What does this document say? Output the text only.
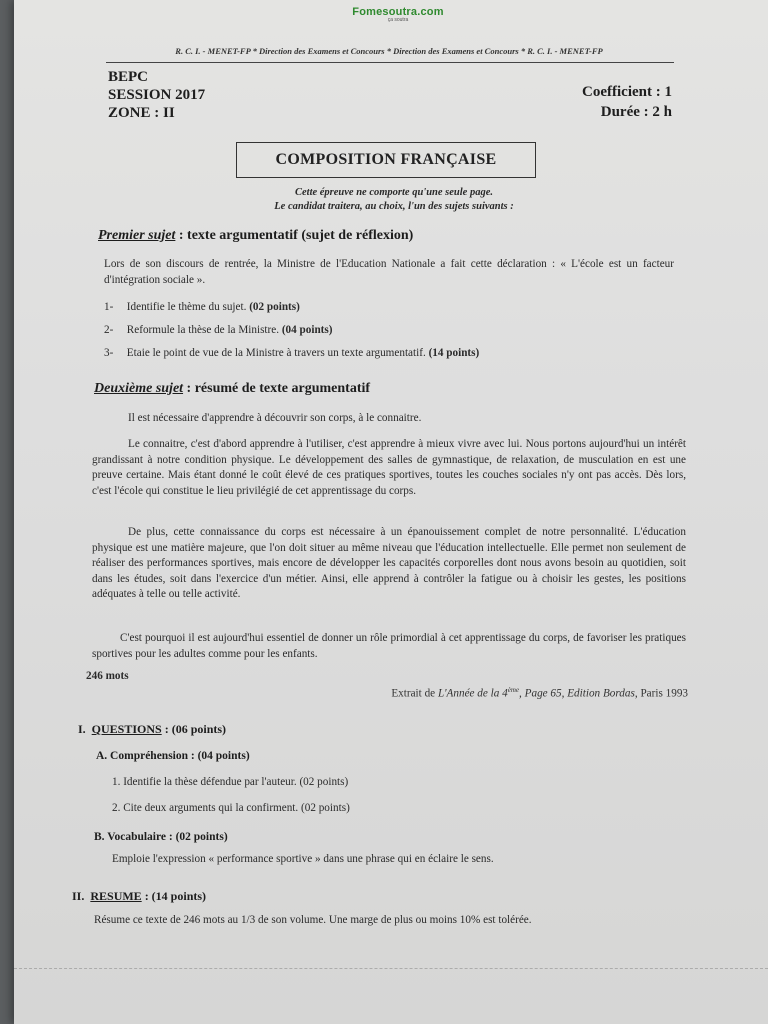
Fomesoutra.com
ça soutra
R. C. I. - MENET-FP * Direction des Examens et Concours * Direction des Examens et Concours * R. C. I. - MENET-FP
BEPC
SESSION 2017
ZONE : II
Coefficient : 1
Durée : 2 h
COMPOSITION FRANÇAISE
Cette épreuve ne comporte qu'une seule page.
Le candidat traitera, au choix, l'un des sujets suivants :
Premier sujet : texte argumentatif (sujet de réflexion)
Lors de son discours de rentrée, la Ministre de l'Education Nationale a fait cette déclaration : « L'école est un facteur d'intégration sociale ».
1- Identifie le thème du sujet. (02 points)
2- Reformule la thèse de la Ministre. (04 points)
3- Etaie le point de vue de la Ministre à travers un texte argumentatif. (14 points)
Deuxième sujet : résumé de texte argumentatif
Il est nécessaire d'apprendre à découvrir son corps, à le connaitre.
Le connaitre, c'est d'abord apprendre à l'utiliser, c'est apprendre à mieux vivre avec lui. Nous portons aujourd'hui un intérêt grandissant à notre condition physique. Le développement des salles de gymnastique, de relaxation, de musculation en est une preuve certaine. Mais étant donné le coût élevé de ces pratiques sportives, toutes les couches sociales n'y ont pas accès. Dès lors, c'est l'école qui constitue le lieu privilégié de cet apprentissage du corps.
De plus, cette connaissance du corps est nécessaire à un épanouissement complet de notre personnalité. L'éducation physique est une matière majeure, que l'on doit situer au même niveau que l'éducation intellectuelle. Elle permet non seulement de réaliser des performances sportives, mais encore de développer les capacités corporelles dont nous avons besoin au quotidien, soit dans les études, soit dans l'exercice d'un métier. Ainsi, elle apprend à contrôler la fatigue ou à choisir les gestes, les positions adéquates à telle ou telle activité.
C'est pourquoi il est aujourd'hui essentiel de donner un rôle primordial à cet apprentissage du corps, de favoriser les pratiques sportives pour les adultes comme pour les enfants.
246 mots
Extrait de L'Année de la 4ème, Page 65, Edition Bordas, Paris 1993
I. QUESTIONS : (06 points)
A. Compréhension : (04 points)
1. Identifie la thèse défendue par l'auteur. (02 points)
2. Cite deux arguments qui la confirment. (02 points)
B. Vocabulaire : (02 points)
Emploie l'expression « performance sportive » dans une phrase qui en éclaire le sens.
II. RESUME : (14 points)
Résume ce texte de 246 mots au 1/3 de son volume. Une marge de plus ou moins 10% est tolérée.
